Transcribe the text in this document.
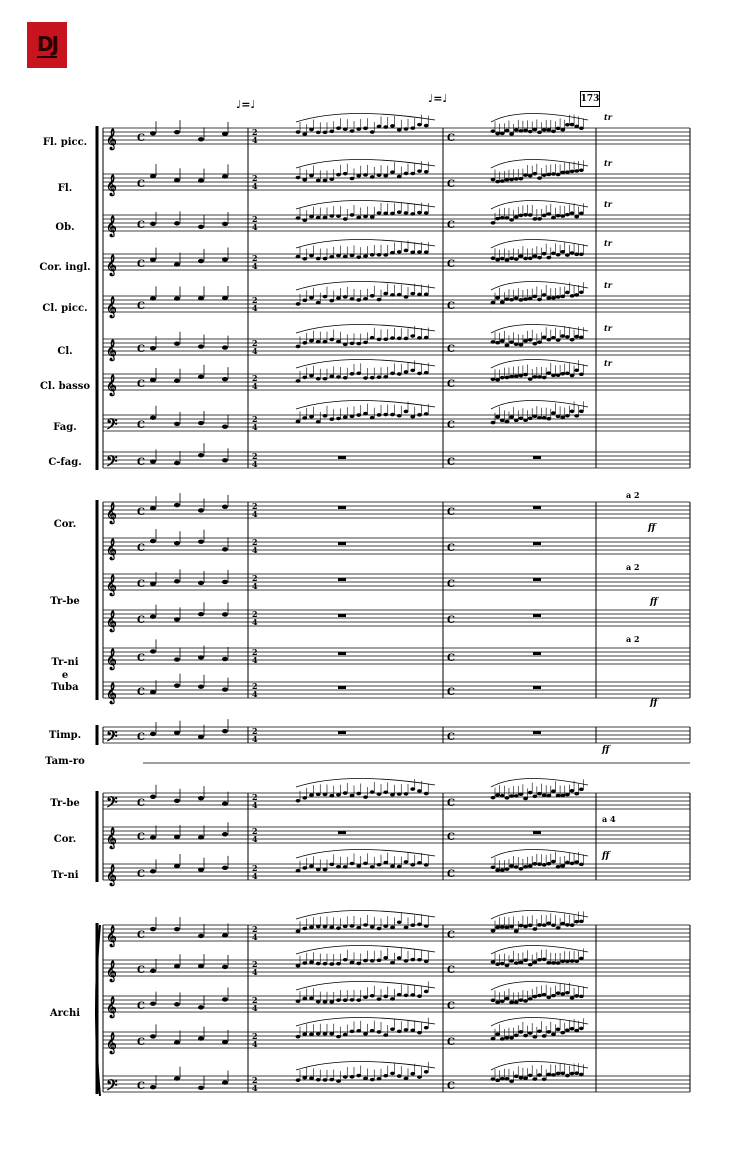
DJ
173
♩=♩	♩=♩
Fl. picc.
Fl.
Ob.
Cor. ingl.
Cl. picc.
Cl.
Cl. basso
Fag.
C-fag.
Cor.
Tr-be
Tr-ni
e
Tuba
Timp.
Tam-ro
Tr-be
Cor.
Tr-ni
Archi
𝄞
𝄞
𝄞
𝄞
𝄞
𝄞
𝄞
𝄢
𝄢
𝄞
𝄞
𝄞
𝄞
𝄞
𝄞
𝄢
𝄢
𝄞
𝄞
𝄞
𝄞
𝄞
𝄞
𝄢
2
4
C	C
2
4
C	C
2
4
C	C
2
4
C	C
2
4
C	C
2
4
C	C
2
4
C	C
2
4
C	C
2
4
C	C
2
4
C	C
2
4
C	C
2
4
C	C
2
4
C	C
2
4
C	C
2
4
C	C
2
4
C	C
2
4
C	C
2
4
C	C
2
4
C	C
2
4
C	C
2
4
C	C
2
4
C	C
2
4
C	C
2
4
C	C
tr
tr
tr
tr
tr
tr
tr
a 2
ff
a 2
ff
a 2
ff
ff
a 4
ff
